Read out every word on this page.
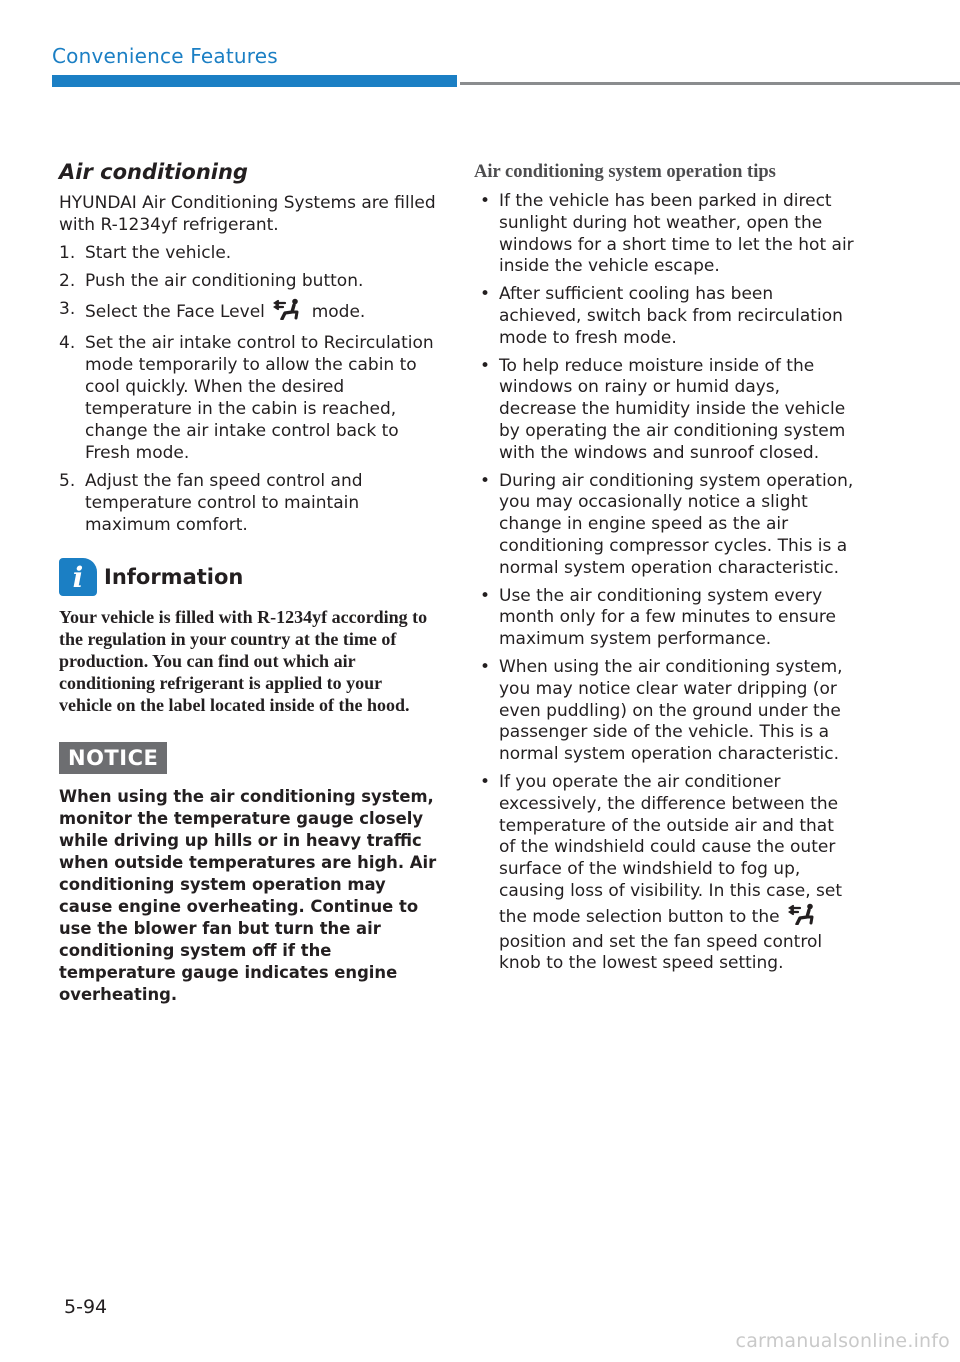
Convenience Features
Air conditioning

HYUNDAI Air Conditioning Systems are filled with R-1234yf refrigerant.

1. Start the vehicle.
2. Push the air conditioning button.
3. Select the Face Level	mode.
4. Set the air intake control to Recirculation mode temporarily to allow the cabin to cool quickly. When the desired temperature in the cabin is reached, change the air intake control back to Fresh mode.
5. Adjust the fan speed control and temperature control to maintain maximum comfort.
i Information

Your vehicle is filled with R-1234yf according to the regulation in your country at the time of production. You can find out which air conditioning refrigerant is applied to your vehicle on the label located inside of the hood.

NOTICE

When using the air conditioning system, monitor the temperature gauge closely while driving up hills or in heavy traffic when outside temperatures are high. Air conditioning system operation may cause engine overheating. Continue to use the blower fan but turn the air conditioning system off if the temperature gauge indicates engine overheating.

Air conditioning system operation tips
• If the vehicle has been parked in direct sunlight during hot weather, open the windows for a short time to let the hot air inside the vehicle escape.
• After sufficient cooling has been achieved, switch back from recirculation mode to fresh mode.
• To help reduce moisture inside of the windows on rainy or humid days, decrease the humidity inside the vehicle by operating the air conditioning system with the windows and sunroof closed.
• During air conditioning system operation, you may occasionally notice a slight change in engine speed as the air conditioning compressor cycles. This is a normal system operation characteristic.
• Use the air conditioning system every month only for a few minutes to ensure maximum system performance.
• When using the air conditioning system, you may notice clear water dripping (or even puddling) on the ground under the passenger side of the vehicle. This is a normal system operation characteristic.
• If you operate the air conditioner excessively, the difference between the temperature of the outside air and that of the windshield could cause the outer surface of the windshield to fog up, causing loss of visibility. In this case, set the mode selection button to the  position and set the fan speed control knob to the lowest speed setting.
5-94
carmanualsonline.info
